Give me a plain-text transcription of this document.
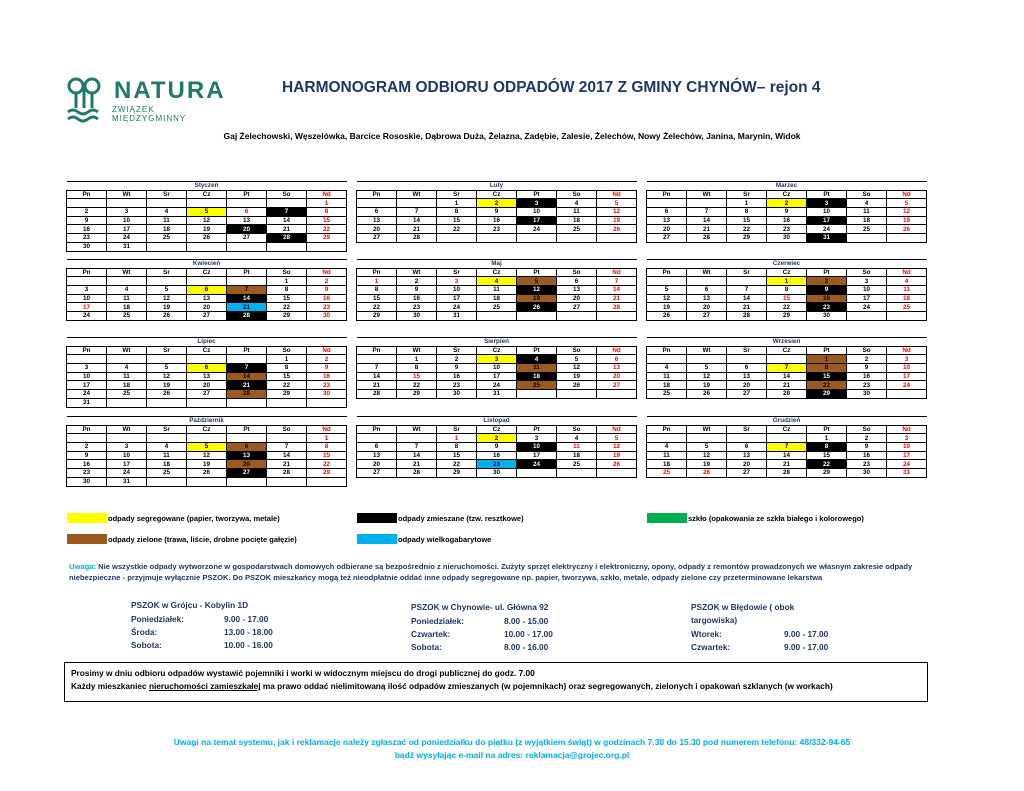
NATURA
ZWIĄZEK MIĘDZYGMINNY
HARMONOGRAM ODBIORU ODPADÓW 2017 Z GMINY CHYNÓW– rejon 4
Gaj Żelechowski, Węszelówka, Barcice Rososkie, Dąbrowa Duża, Żelazna, Zadębie, Zalesie, Żelechów, Nowy Żelechów, Janina, Marynin, Widok
Styczeń						
Pn	Wt	Śr	Cz	Pt	So	Nd
						1
2	3	4	5	6	7	8
9	10	11	12	13	14	15
16	17	18	19	20	21	22
23	24	25	26	27	28	29
30	31					
Luty						
Pn	Wt	Śr	Cz	Pt	So	Nd
		1	2	3	4	5
6	7	8	9	10	11	12
13	14	15	16	17	18	19
20	21	22	23	24	25	26
27	28					
Marzec						
Pn	Wt	Śr	Cz	Pt	So	Nd
		1	2	3	4	5
6	7	8	9	10	11	12
13	14	15	16	17	18	19
20	21	22	23	24	25	26
27	28	29	30	31		
Kwiecień						
Pn	Wt	Śr	Cz	Pt	So	Nd
					1	2
3	4	5	6	7	8	9
10	11	12	13	14	15	16
17	18	19	20	21	22	23
24	25	26	27	28	29	30
Maj						
Pn	Wt	Śr	Cz	Pt	So	Nd
1	2	3	4	5	6	7
8	9	10	11	12	13	14
15	16	17	18	19	20	21
22	23	24	25	26	27	28
29	30	31				
Czerwiec						
Pn	Wt	Śr	Cz	Pt	So	Nd
			1	2	3	4
5	6	7	8	9	10	11
12	13	14	15	16	17	18
19	20	21	22	23	24	25
26	27	28	29	30		
Lipiec						
Pn	Wt	Śr	Cz	Pt	So	Nd
					1	2
3	4	5	6	7	8	9
10	11	12	13	14	15	16
17	18	19	20	21	22	23
24	25	26	27	28	29	30
31						
Sierpień						
Pn	Wt	Śr	Cz	Pt	So	Nd
	1	2	3	4	5	6
7	8	9	10	11	12	13
14	15	16	17	18	19	20
21	22	23	24	25	26	27
28	29	30	31			
Wrzesień						
Pn	Wt	Śr	Cz	Pt	So	Nd
				1	2	3
4	5	6	7	8	9	10
11	12	13	14	15	16	17
18	19	20	21	22	23	24
25	26	27	28	29	30	
Październik						
Pn	Wt	Śr	Cz	Pt	So	Nd
						1
2	3	4	5	6	7	8
9	10	11	12	13	14	15
16	17	18	19	20	21	22
23	24	25	26	27	28	29
30	31					
Listopad						
Pn	Wt	Śr	Cz	Pt	So	Nd
		1	2	3	4	5
6	7	8	9	10	11	12
13	14	15	16	17	18	19
20	21	22	23	24	25	26
27	28	29	30			
Grudzień						
Pn	Wt	Śr	Cz	Pt	So	Nd
				1	2	3
4	5	6	7	8	9	10
11	12	13	14	15	16	17
18	19	20	21	22	23	24
25	26	27	28	29	30	31
odpady segregowane (papier, tworzywa, metale)	odpady zmieszane (tzw. resztkowe)	szkło (opakowania ze szkła białego i kolorowego)
odpady zielone (trawa, liście, drobne pocięte gałęzie)	odpady wielkogabarytowe
Uwaga: Nie wszystkie odpady wytworzone w gospodarstwach domowych odbierane są bezpośrednio z nieruchomości. Zużyty sprzęt elektryczny i elektroniczny, opony, odpady z remontów prowadzonych we własnym zakresie odpady niebezpieczne - przyjmuje wyłącznie PSZOK. Do PSZOK mieszkańcy mogą też nieodpłatnie oddać inne odpady segregowane np. papier, tworzywa, szkło, metale, odpady zielone czy przeterminowane lekarstwa
PSZOK w Grójcu - Kobylin 1D
Poniedziałek:	9.00 - 17.00
Środa:	13.00 - 18.00
Sobota:	10.00 - 16.00
PSZOK w Chynowie- ul. Główna 92
Poniedziałek:	8.00 - 15.00
Czwartek:	10.00 - 17.00
Sobota:	8.00 - 16.00
PSZOK w Błędowie ( obok targowiska)
Wtorek:	9.00 - 17.00
Czwartek:	9.00 - 17.00
Prosimy w dniu odbioru odpadów wystawić pojemniki i worki w widocznym miejscu do drogi publicznej do godz. 7.00
Każdy mieszkaniec nieruchomości zamieszkałej ma prawo oddać nielimitowaną ilość odpadów zmieszanych (w pojemnikach) oraz segregowanych, zielonych i opakowań szklanych (w workach)
Uwagi na temat systemu, jak i reklamacje należy zgłaszać od poniedziałku do piątku (z wyjątkiem świąt) w godzinach 7.30 do 15.30 pod numerem telefonu: 48/332-94-65
bądź wysyłając e-mail na adres: reklamacja@grojec.org.pl
